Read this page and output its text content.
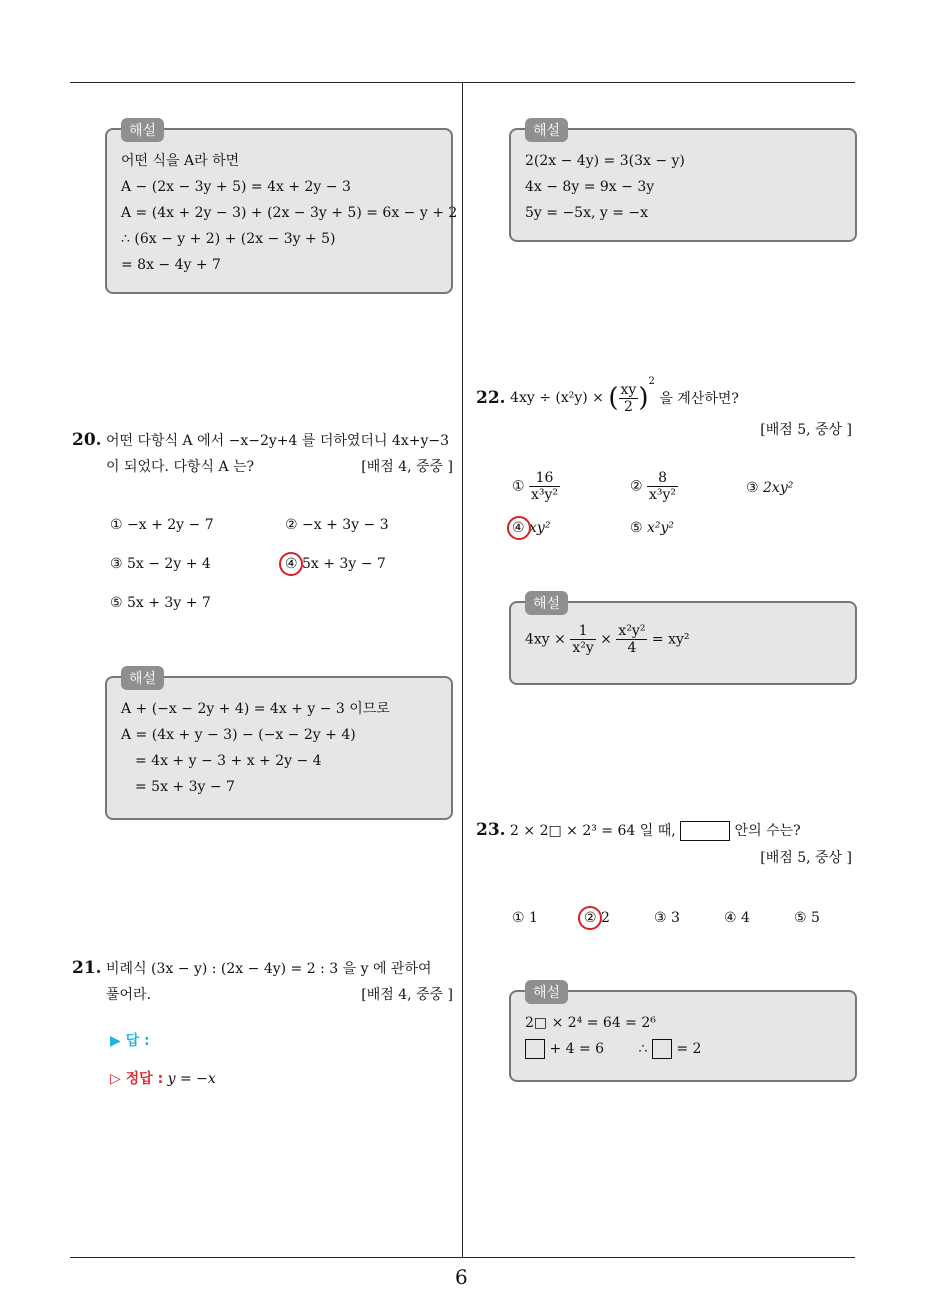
6
해설
어떤 식을 A라 하면
A − (2x − 3y + 5) = 4x + 2y − 3
A = (4x + 2y − 3) + (2x − 3y + 5) = 6x − y + 2
∴ (6x − y + 2) + (2x − 3y + 5)
= 8x − 4y + 7
20. 어떤 다항식 A 에서 −x−2y+4 를 더하였더니 4x+y−3
이 되었다. 다항식 A 는?	[배점 4, 중중 ]
① −x + 2y − 7	② −x + 3y − 3
③ 5x − 2y + 4	④ 5x + 3y − 7
⑤ 5x + 3y + 7
해설
A + (−x − 2y + 4) = 4x + y − 3 이므로
A = (4x + y − 3) − (−x − 2y + 4)
= 4x + y − 3 + x + 2y − 4
= 5x + 3y − 7
21. 비례식 (3x − y) : (2x − 4y) = 2 : 3 을 y 에 관하여
풀어라.	[배점 4, 중중 ]
▶ 답 :
▷ 정답 : y = −x
해설
2(2x − 4y) = 3(3x − y)
4x − 8y = 9x − 3y
5y = −5x, y = −x
22. 4xy ÷ (x²y) × ( $\frac{xy}{2} )^2$ 을 계산하면?
[배점 5, 중상 ]
① $\frac{16}{\text{x³y²}}$	② $\frac{8}{\text{x³y²}}$	③ 2xy²
④ xy²	⑤ x²y²
해설
$4xy \times \frac{1}{\text{x²y}} \times \frac{\text{x²y²}}{4} = xy^2$
23. 2 × 2□ × 2³ = 64 일 때,	안의 수는?
[배점 5, 중상 ]
① 1	② 2	③ 3	④ 4	⑤ 5
해설
2□ × 2⁴ = 64 = 2⁶
+ 4 = 6 ∴ = 2
